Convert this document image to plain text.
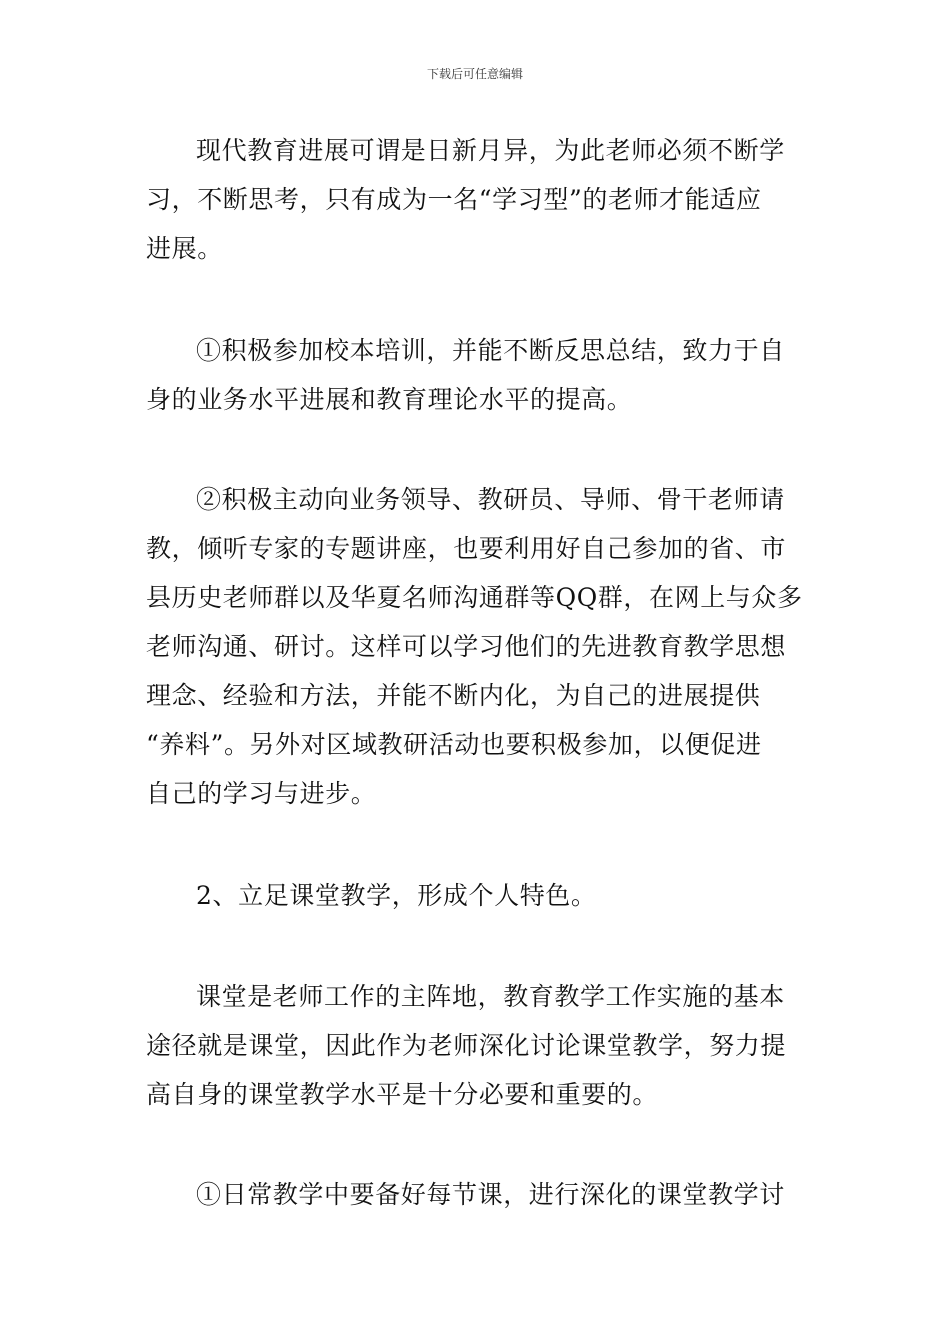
下载后可任意编辑
现代教育进展可谓是日新月异，为此老师必须不断学
习，不断思考，只有成为一名“学习型”的老师才能适应
进展。
①积极参加校本培训，并能不断反思总结，致力于自
身的业务水平进展和教育理论水平的提高。
②积极主动向业务领导、教研员、导师、骨干老师请
教，倾听专家的专题讲座，也要利用好自己参加的省、市
县历史老师群以及华夏名师沟通群等QQ群，在网上与众多
老师沟通、研讨。这样可以学习他们的先进教育教学思想
理念、经验和方法，并能不断内化，为自己的进展提供
“养料”。另外对区域教研活动也要积极参加，以便促进
自己的学习与进步。
2、立足课堂教学，形成个人特色。
课堂是老师工作的主阵地，教育教学工作实施的基本
途径就是课堂，因此作为老师深化讨论课堂教学，努力提
高自身的课堂教学水平是十分必要和重要的。
①日常教学中要备好每节课，进行深化的课堂教学讨
